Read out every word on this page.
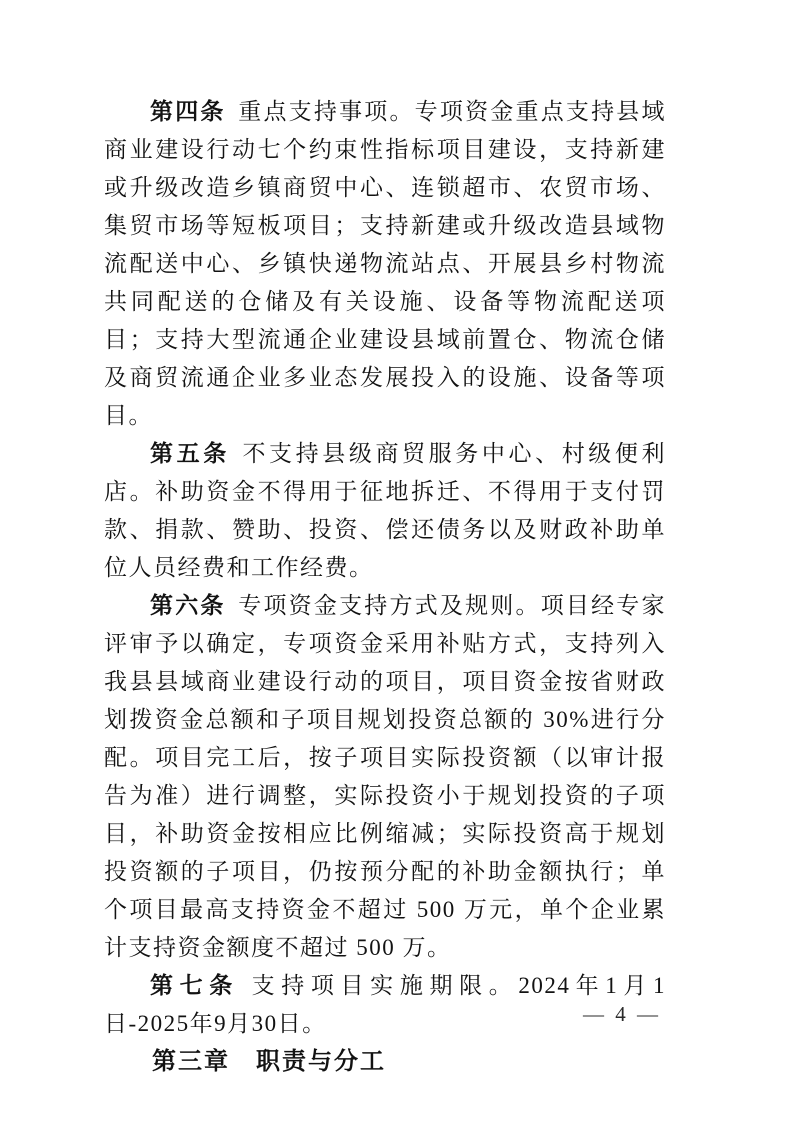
第四条 重点支持事项。专项资金重点支持县域商业建设行动七个约束性指标项目建设，支持新建或升级改造乡镇商贸中心、连锁超市、农贸市场、集贸市场等短板项目；支持新建或升级改造县域物流配送中心、乡镇快递物流站点、开展县乡村物流共同配送的仓储及有关设施、设备等物流配送项目；支持大型流通企业建设县域前置仓、物流仓储及商贸流通企业多业态发展投入的设施、设备等项目。

第五条 不支持县级商贸服务中心、村级便利店。补助资金不得用于征地拆迁、不得用于支付罚款、捐款、赞助、投资、偿还债务以及财政补助单位人员经费和工作经费。

第六条 专项资金支持方式及规则。项目经专家评审予以确定，专项资金采用补贴方式，支持列入我县县域商业建设行动的项目，项目资金按省财政划拨资金总额和子项目规划投资总额的 30%进行分配。项目完工后，按子项目实际投资额（以审计报告为准）进行调整，实际投资小于规划投资的子项目，补助资金按相应比例缩减；实际投资高于规划投资额的子项目，仍按预分配的补助金额执行；单个项目最高支持资金不超过 500 万元，单个企业累计支持资金额度不超过 500 万。

第七条 支持项目实施期限。2024年1月1日-2025年9月30日。

第三章　职责与分工

— 4 —
